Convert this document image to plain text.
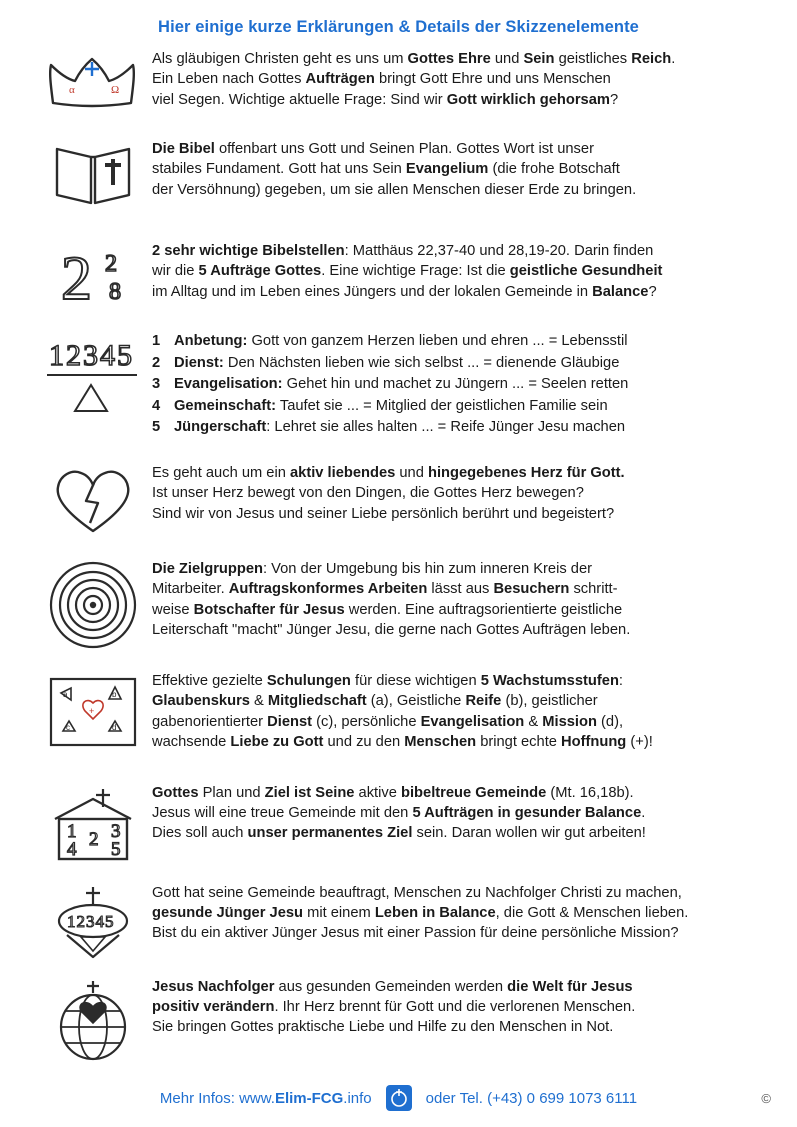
Hier einige kurze Erklärungen & Details der Skizzenelemente
α	Ω

Als gläubigen Christen geht es uns um Gottes Ehre und Sein geistliches Reich.

Ein Leben nach Gottes Aufträgen bringt Gott Ehre und uns Menschen

viel Segen. Wichtige aktuelle Frage: Sind wir Gott wirklich gehorsam?

Die Bibel offenbart uns Gott und Seinen Plan. Gottes Wort ist unser

stabiles Fundament. Gott hat uns Sein Evangelium (die frohe Botschaft

der Versöhnung) gegeben, um sie allen Menschen dieser Erde zu bringen.

2 2
8

2 sehr wichtige Bibelstellen: Matthäus 22,37-40 und 28,19-20. Darin finden

wir die 5 Aufträge Gottes. Eine wichtige Frage: Ist die geistliche Gesundheit

im Alltag und im Leben eines Jüngers und der lokalen Gemeinde in Balance?

12345 1 Anbetung: Gott von ganzem Herzen lieben und ehren ... = Lebensstil
2 Dienst: Den Nächsten lieben wie sich selbst ... = dienende Gläubige
3 Evangelisation: Gehet hin und machet zu Jüngern ... = Seelen retten
4 Gemeinschaft: Taufet sie ... = Mitglied der geistlichen Familie sein
5 Jüngerschaft: Lehret sie alles halten ... = Reife Jünger Jesu machen

Es geht auch um ein aktiv liebendes und hingegebenes Herz für Gott.

Ist unser Herz bewegt von den Dingen, die Gottes Herz bewegen?

Sind wir von Jesus und seiner Liebe persönlich berührt und begeistert?

Die Zielgruppen: Von der Umgebung bis hin zum inneren Kreis der

Mitarbeiter. Auftragskonformes Arbeiten lässt aus Besuchern schritt-

weise Botschafter für Jesus werden. Eine auftragsorientierte geistliche

Leiterschaft "macht" Jünger Jesu, die gerne nach Gottes Aufträgen leben.

a	b
+
c	d

Effektive gezielte Schulungen für diese wichtigen 5 Wachstumsstufen:

Glaubenskurs & Mitgliedschaft (a), Geistliche Reife (b), geistlicher

gabenorientierter Dienst (c), persönliche Evangelisation & Mission (d),

wachsende Liebe zu Gott und zu den Menschen bringt echte Hoffnung (+)!

1 2 3
4 5

Gottes Plan und Ziel ist Seine aktive bibeltreue Gemeinde (Mt. 16,18b).

Jesus will eine treue Gemeinde mit den 5 Aufträgen in gesunder Balance.

Dies soll auch unser permanentes Ziel sein. Daran wollen wir gut arbeiten!

12345

Gott hat seine Gemeinde beauftragt, Menschen zu Nachfolger Christi zu machen,

gesunde Jünger Jesu mit einem Leben in Balance, die Gott & Menschen lieben.

Bist du ein aktiver Jünger Jesus mit einer Passion für deine persönliche Mission?

Jesus Nachfolger aus gesunden Gemeinden werden die Welt für Jesus

positiv verändern. Ihr Herz brennt für Gott und die verlorenen Menschen.

Sie bringen Gottes praktische Liebe und Hilfe zu den Menschen in Not.

Mehr Infos: www.Elim-FCG.info	oder Tel. (+43) 0 699 1073 6111	©
